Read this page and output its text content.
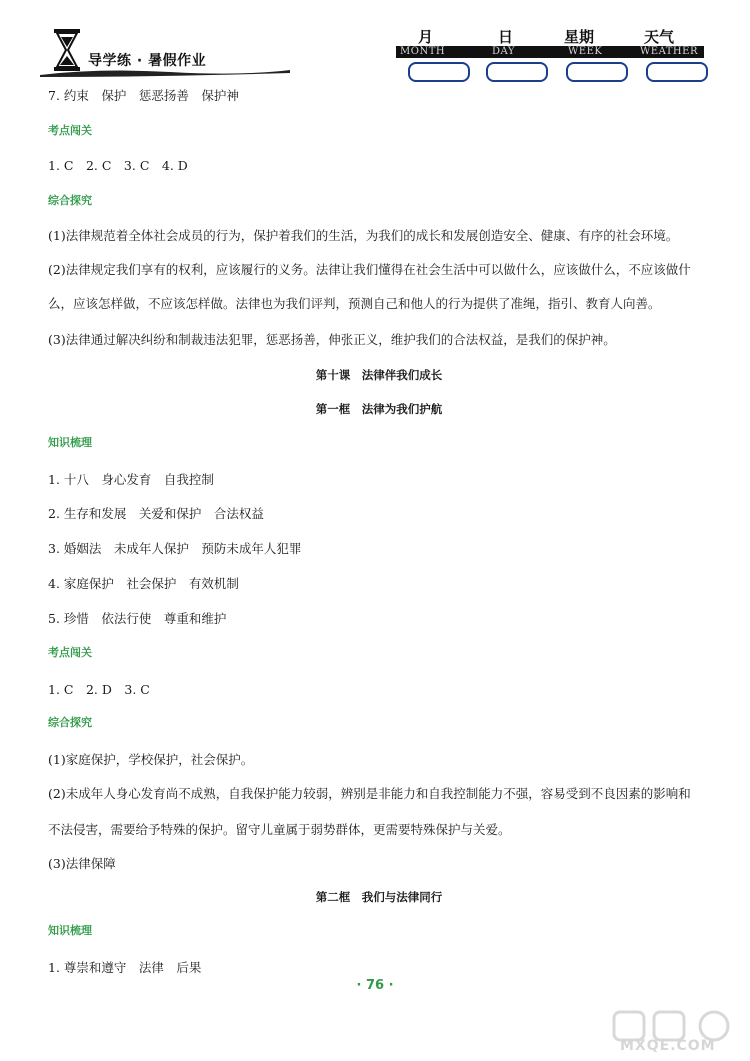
导学练 · 暑假作业
月	日	星期	天气
MONTH	DAY	WEEK	WEATHER

7. 约束　保护　惩恶扬善　保护神

考点闯关

1. C　2. C　3. C　4. D

综合探究

(1)法律规范着全体社会成员的行为，保护着我们的生活，为我们的成长和发展创造安全、健康、有序的社会环境。

(2)法律规定我们享有的权利，应该履行的义务。法律让我们懂得在社会生活中可以做什么，应该做什么，不应该做什

么，应该怎样做，不应该怎样做。法律也为我们评判，预测自己和他人的行为提供了准绳，指引、教育人向善。

(3)法律通过解决纠纷和制裁违法犯罪，惩恶扬善，伸张正义，维护我们的合法权益，是我们的保护神。

第十课　法律伴我们成长

第一框　法律为我们护航

知识梳理

1. 十八　身心发育　自我控制

2. 生存和发展　关爱和保护　合法权益

3. 婚姻法　未成年人保护　预防未成年人犯罪

4. 家庭保护　社会保护　有效机制

5. 珍惜　依法行使　尊重和维护

考点闯关

1. C　2. D　3. C

综合探究

(1)家庭保护，学校保护，社会保护。

(2)未成年人身心发育尚不成熟，自我保护能力较弱，辨别是非能力和自我控制能力不强，容易受到不良因素的影响和

不法侵害，需要给予特殊的保护。留守儿童属于弱势群体，更需要特殊保护与关爱。

(3)法律保障

第二框　我们与法律同行

知识梳理

1. 尊崇和遵守　法律　后果

· 76 ·
MXQE.COM
